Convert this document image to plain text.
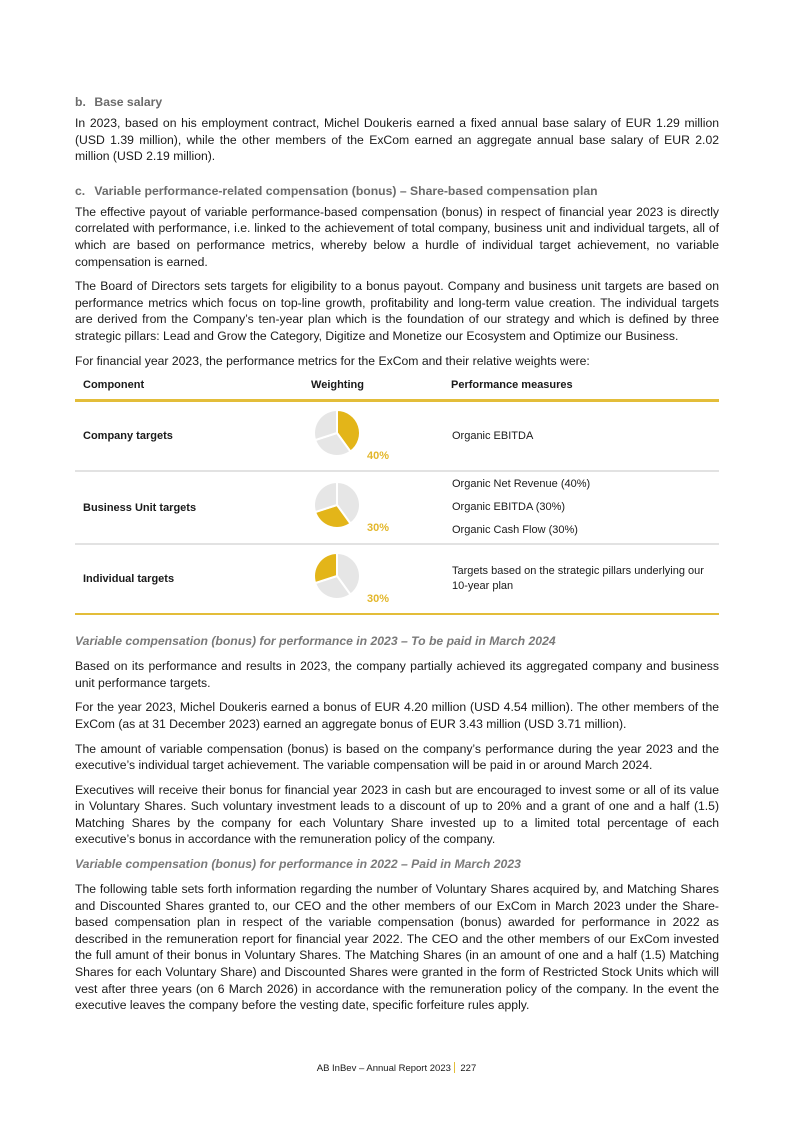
b. Base salary

In 2023, based on his employment contract, Michel Doukeris earned a fixed annual base salary of EUR 1.29 million (USD 1.39 million), while the other members of the ExCom earned an aggregate annual base salary of EUR 2.02 million (USD 2.19 million).

c. Variable performance-related compensation (bonus) – Share-based compensation plan

The effective payout of variable performance-based compensation (bonus) in respect of financial year 2023 is directly correlated with performance, i.e. linked to the achievement of total company, business unit and individual targets, all of which are based on performance metrics, whereby below a hurdle of individual target achievement, no variable compensation is earned.

The Board of Directors sets targets for eligibility to a bonus payout. Company and business unit targets are based on performance metrics which focus on top-line growth, profitability and long-term value creation. The individual targets are derived from the Company’s ten-year plan which is the foundation of our strategy and which is defined by three strategic pillars: Lead and Grow the Category, Digitize and Monetize our Ecosystem and Optimize our Business.

For financial year 2023, the performance metrics for the ExCom and their relative weights were:

Component	Weighting	Performance measures
Company targets	40%	Organic EBITDA

Business Unit targets	30%	Organic Net Revenue (40%)
Organic EBITDA (30%)
Organic Cash Flow (30%)

Individual targets	30%	Targets based on the strategic pillars underlying our 10-year plan
Variable compensation (bonus) for performance in 2023 – To be paid in March 2024

Based on its performance and results in 2023, the company partially achieved its aggregated company and business unit performance targets.

For the year 2023, Michel Doukeris earned a bonus of EUR 4.20 million (USD 4.54 million). The other members of the ExCom (as at 31 December 2023) earned an aggregate bonus of EUR 3.43 million (USD 3.71 million).

The amount of variable compensation (bonus) is based on the company’s performance during the year 2023 and the executive’s individual target achievement. The variable compensation will be paid in or around March 2024.

Executives will receive their bonus for financial year 2023 in cash but are encouraged to invest some or all of its value in Voluntary Shares. Such voluntary investment leads to a discount of up to 20% and a grant of one and a half (1.5) Matching Shares by the company for each Voluntary Share invested up to a limited total percentage of each executive’s bonus in accordance with the remuneration policy of the company.

Variable compensation (bonus) for performance in 2022 – Paid in March 2023

The following table sets forth information regarding the number of Voluntary Shares acquired by, and Matching Shares and Discounted Shares granted to, our CEO and the other members of our ExCom in March 2023 under the Share-based compensation plan in respect of the variable compensation (bonus) awarded for performance in 2022 as described in the remuneration report for financial year 2022. The CEO and the other members of our ExCom invested the full amunt of their bonus in Voluntary Shares. The Matching Shares (in an amount of one and a half (1.5) Matching Shares for each Voluntary Share) and Discounted Shares were granted in the form of Restricted Stock Units which will vest after three years (on 6 March 2026) in accordance with the remuneration policy of the company. In the event the executive leaves the company before the vesting date, specific forfeiture rules apply.

AB InBev – Annual Report 2023 227
